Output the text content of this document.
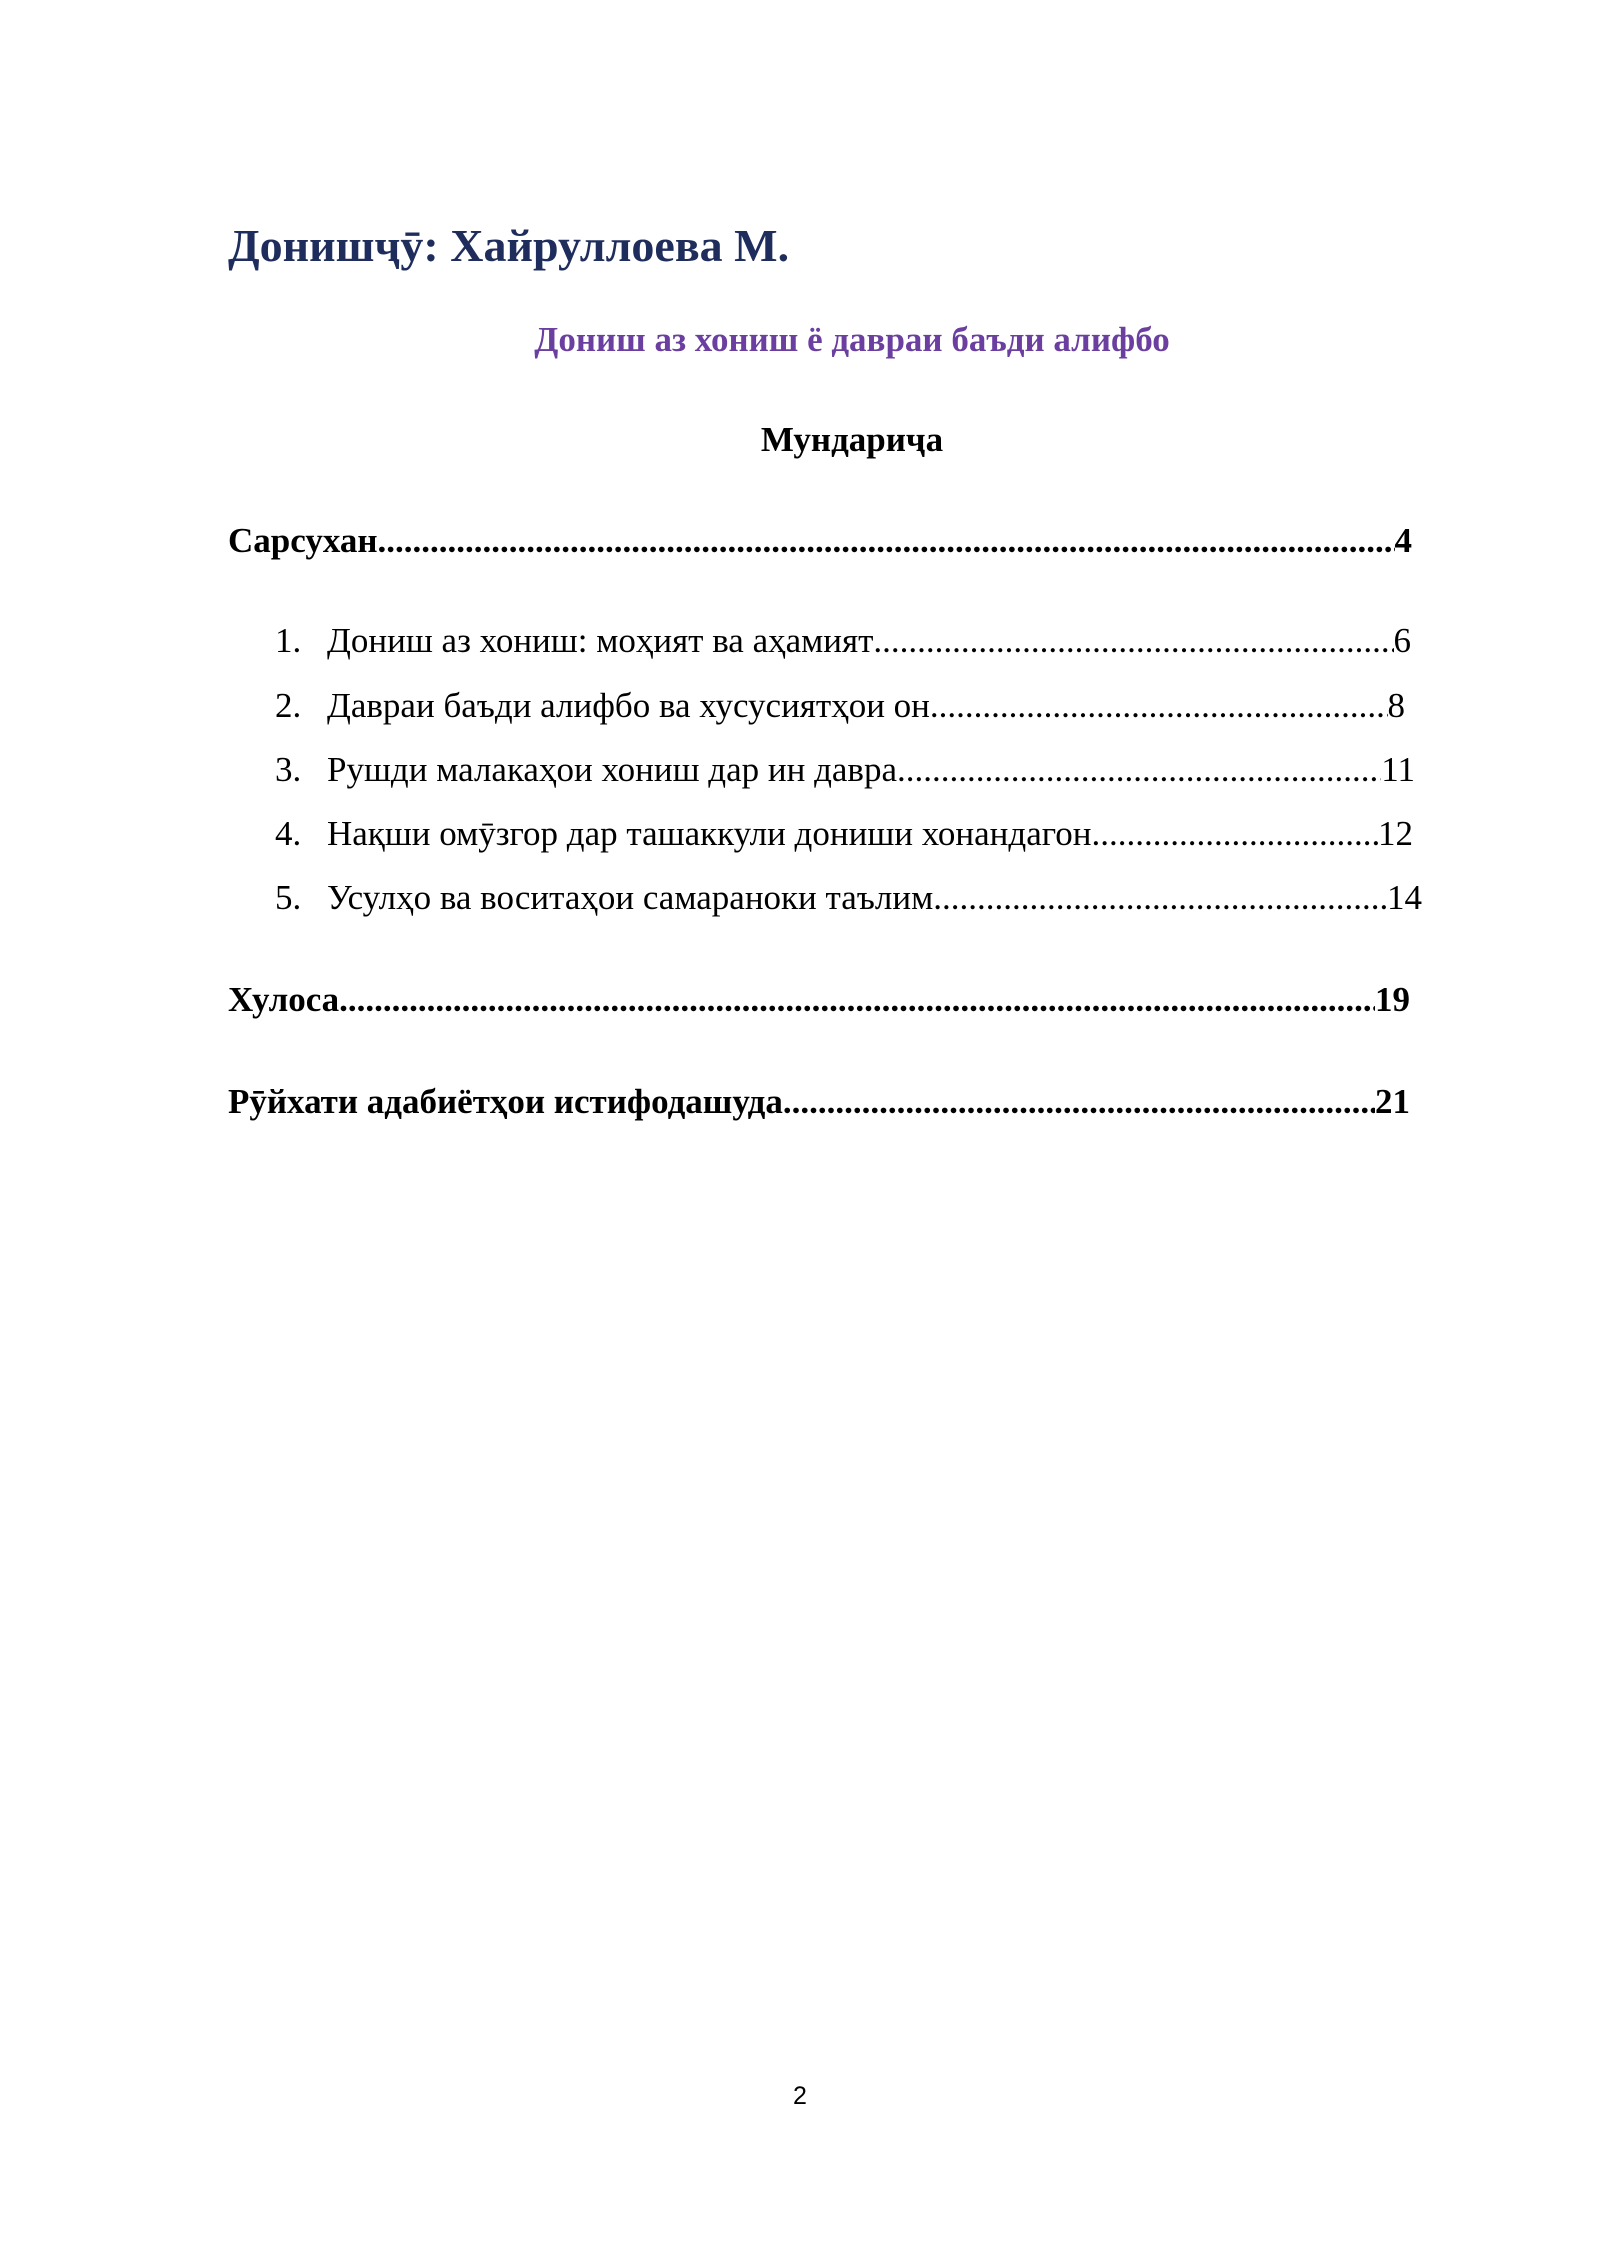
Донишҷӯ: Хайруллоева М.
Дониш аз хониш ё давраи баъди алифбо
Мундариҷа
Сарсухан .....	4
1. Дониш аз хониш: моҳият ва аҳамият .....	6
2. Давраи баъди алифбо ва хусусиятҳои он .....	8
3. Рушди малакаҳои хониш дар ин давра .....	11
4. Нақши омӯзгор дар ташаккули дониши хонандагон .....	12
5. Усулҳо ва воситаҳои самараноки таълим .....	14
Хулоса .....	19
Рӯйхати адабиётҳои истифодашуда .....	21
2
